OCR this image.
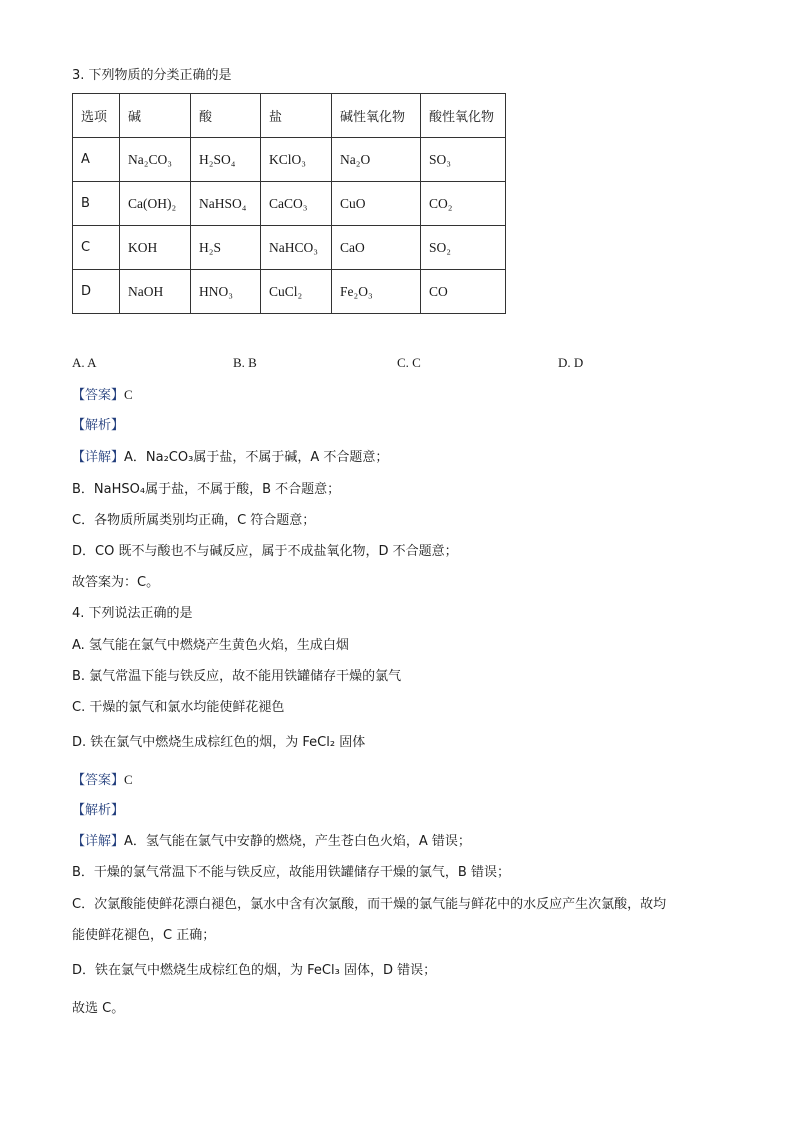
3. 下列物质的分类正确的是
选项	碱	酸	盐	碱性氧化物	酸性氧化物
A	Na₂CO₃	H₂SO₄	KClO₃	Na₂O	SO₃
B	Ca(OH)₂	NaHSO₄	CaCO₃	CuO	CO₂
C	KOH	H₂S	NaHCO₃	CaO	SO₂
D	NaOH	HNO₃	CuCl₂	Fe₂O₃	CO
A. A	B. B	C. C	D. D
【答案】C
【解析】
【详解】A．Na₂CO₃属于盐，不属于碱，A 不合题意；
B．NaHSO₄属于盐，不属于酸，B 不合题意；
C．各物质所属类别均正确，C 符合题意；
D．CO 既不与酸也不与碱反应，属于不成盐氧化物，D 不合题意；
故答案为：C。
4. 下列说法正确的是
A. 氢气能在氯气中燃烧产生黄色火焰，生成白烟
B. 氯气常温下能与铁反应，故不能用铁罐储存干燥的氯气
C. 干燥的氯气和氯水均能使鲜花褪色
D. 铁在氯气中燃烧生成棕红色的烟，为 FeCl₂ 固体
【答案】C
【解析】
【详解】A．氢气能在氯气中安静的燃烧，产生苍白色火焰，A 错误；
B．干燥的氯气常温下不能与铁反应，故能用铁罐储存干燥的氯气，B 错误；
C．次氯酸能使鲜花漂白褪色，氯水中含有次氯酸，而干燥的氯气能与鲜花中的水反应产生次氯酸，故均
能使鲜花褪色，C 正确；
D．铁在氯气中燃烧生成棕红色的烟，为 FeCl₃ 固体，D 错误；
故选 C。
